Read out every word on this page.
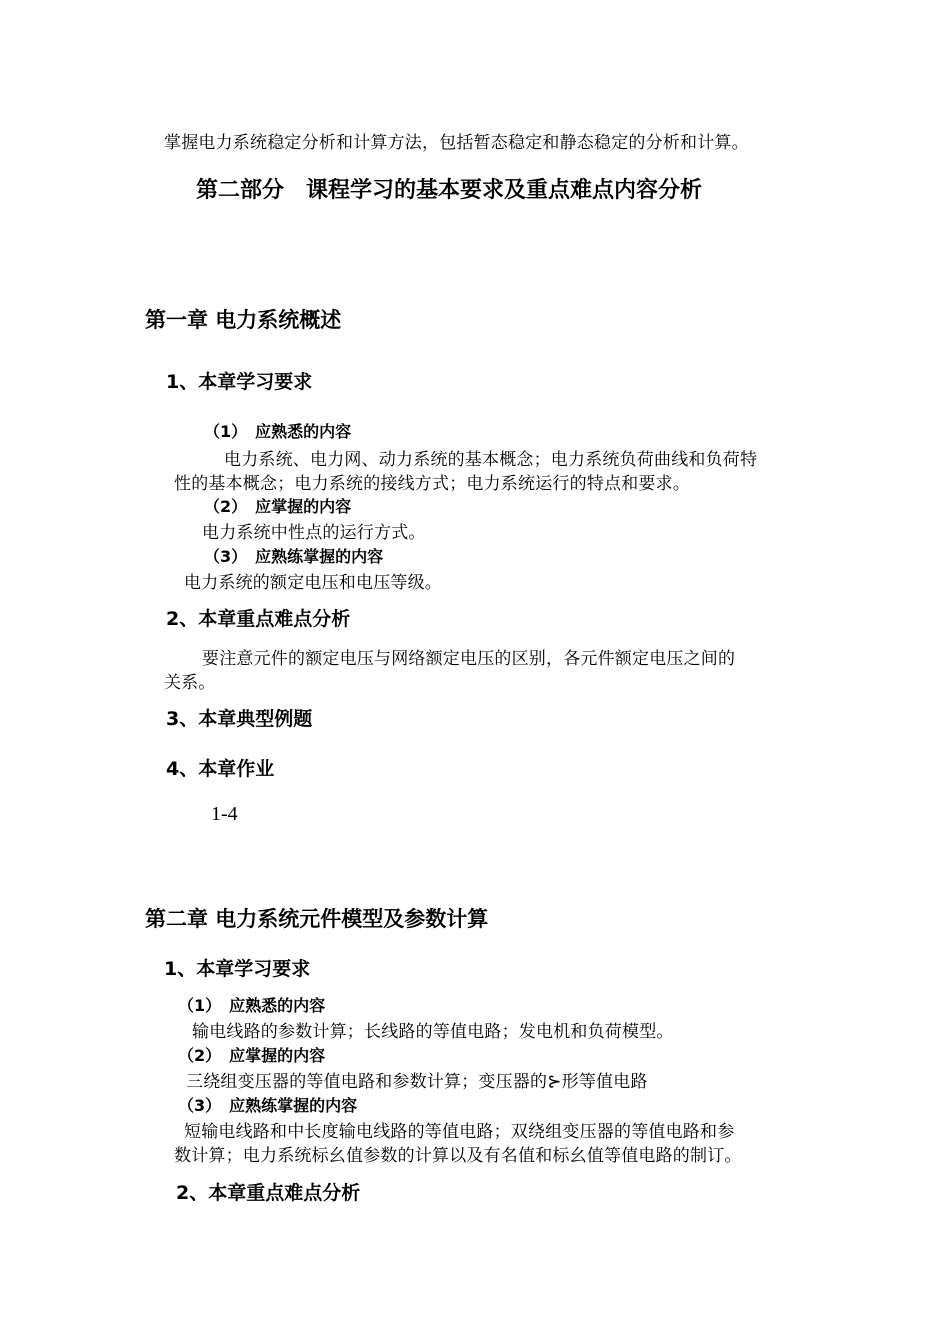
掌握电力系统稳定分析和计算方法，包括暂态稳定和静态稳定的分析和计算。
第二部分　课程学习的基本要求及重点难点内容分析
第一章 电力系统概述
1、本章学习要求
（1）　应熟悉的内容
电力系统、电力网、动力系统的基本概念；电力系统负荷曲线和负荷特
性的基本概念；电力系统的接线方式；电力系统运行的特点和要求。
（2）　应掌握的内容
电力系统中性点的运行方式。
（3）　应熟练掌握的内容
电力系统的额定电压和电压等级。
2、本章重点难点分析
要注意元件的额定电压与网络额定电压的区别，各元件额定电压之间的
关系。
3、本章典型例题
4、本章作业
1-4
第二章 电力系统元件模型及参数计算
1、本章学习要求
（1）　应熟悉的内容
输电线路的参数计算；长线路的等值电路；发电机和负荷模型。
（2）　应掌握的内容
三绕组变压器的等值电路和参数计算；变压器的⊱形等值电路
（3）　应熟练掌握的内容
短输电线路和中长度输电线路的等值电路；双绕组变压器的等值电路和参
数计算；电力系统标幺值参数的计算以及有名值和标幺值等值电路的制订。
2、本章重点难点分析
